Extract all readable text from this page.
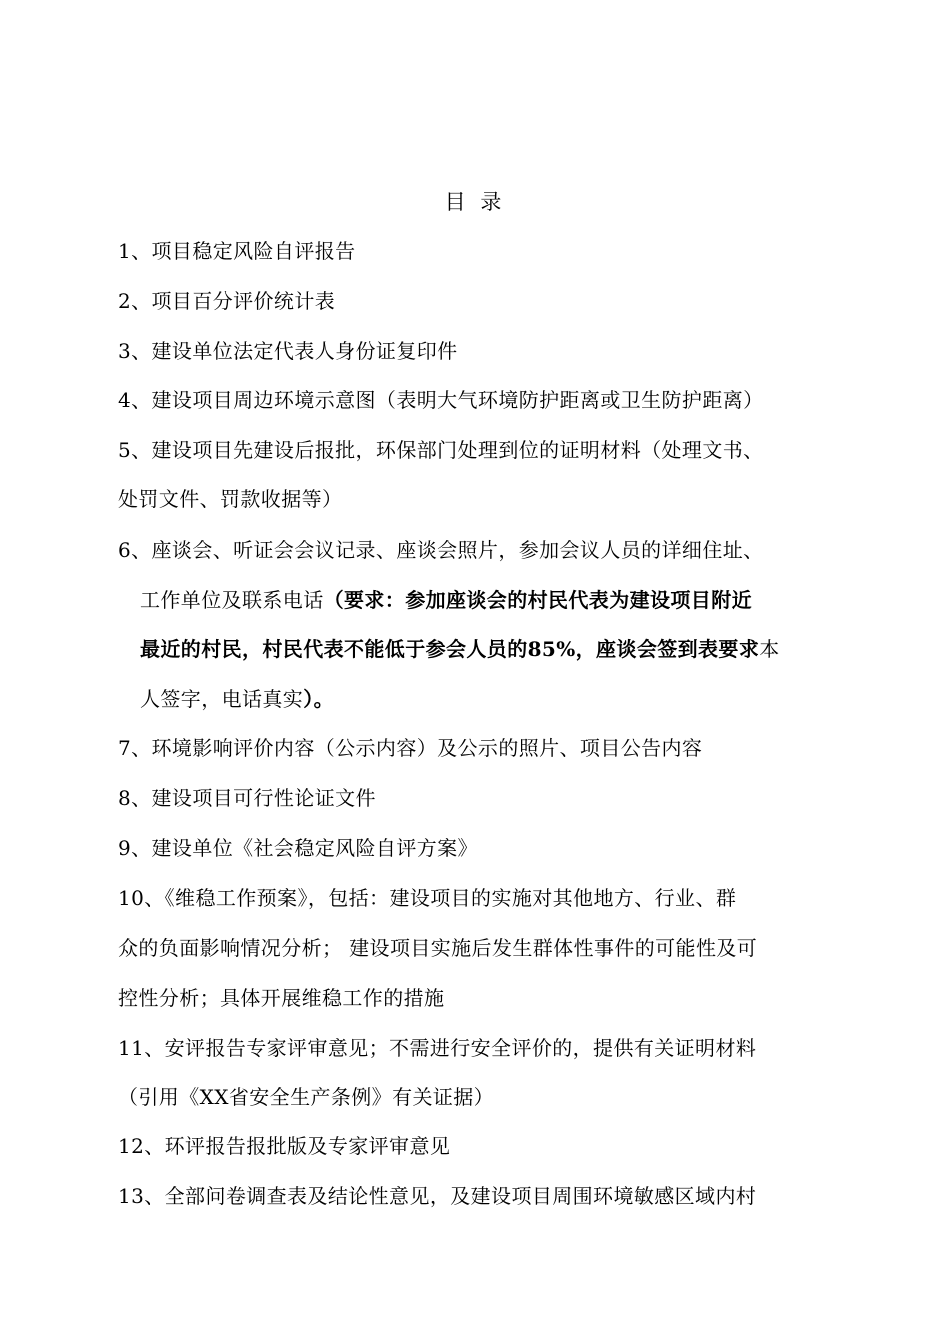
目 录
1、项目稳定风险自评报告
2、项目百分评价统计表
3、建设单位法定代表人身份证复印件
4、建设项目周边环境示意图（表明大气环境防护距离或卫生防护距离）
5、建设项目先建设后报批，环保部门处理到位的证明材料（处理文书、
处罚文件、罚款收据等）
6、座谈会、听证会会议记录、座谈会照片，参加会议人员的详细住址、
工作单位及联系电话（要求：参加座谈会的村民代表为建设项目附近
最近的村民，村民代表不能低于参会人员的85%，座谈会签到表要求本
人签字，电话真实）。
7、环境影响评价内容（公示内容）及公示的照片、项目公告内容
8、建设项目可行性论证文件
9、建设单位《社会稳定风险自评方案》
10、《维稳工作预案》，包括：建设项目的实施对其他地方、行业、群
众的负面影响情况分析； 建设项目实施后发生群体性事件的可能性及可
控性分析；具体开展维稳工作的措施
11、安评报告专家评审意见；不需进行安全评价的，提供有关证明材料
（引用《XX省安全生产条例》有关证据）
12、环评报告报批版及专家评审意见
13、全部问卷调查表及结论性意见，及建设项目周围环境敏感区域内村
